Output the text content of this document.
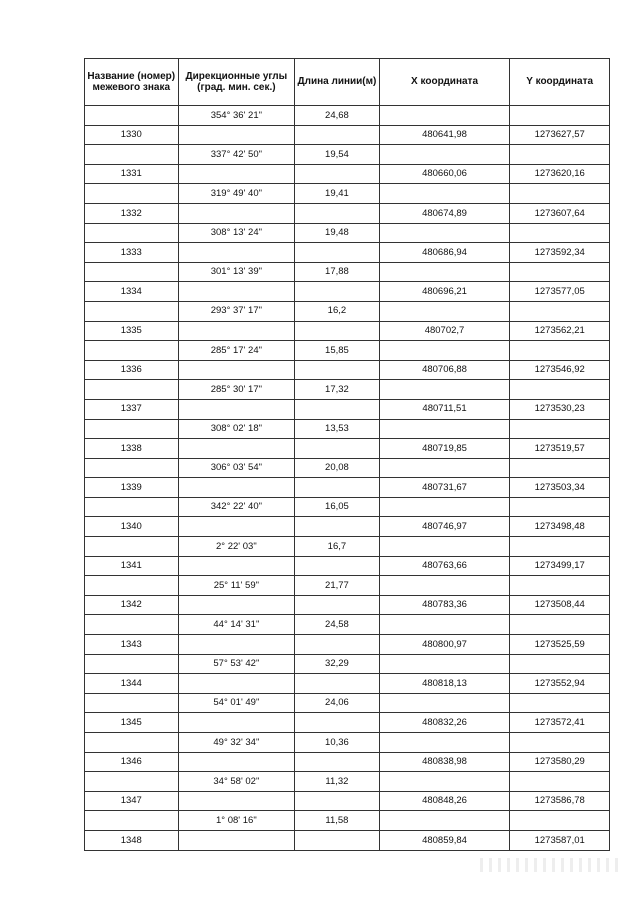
Название (номер) межевого знака	Дирекционные углы (град. мин. сек.)	Длина линии(м)	X координата	Y координата
	354° 36' 21"	24,68		
1330			480641,98	1273627,57
	337° 42' 50"	19,54		
1331			480660,06	1273620,16
	319° 49' 40"	19,41		
1332			480674,89	1273607,64
	308° 13' 24"	19,48		
1333			480686,94	1273592,34
	301° 13' 39"	17,88		
1334			480696,21	1273577,05
	293° 37' 17"	16,2		
1335			480702,7	1273562,21
	285° 17' 24"	15,85		
1336			480706,88	1273546,92
	285° 30' 17"	17,32		
1337			480711,51	1273530,23
	308° 02' 18"	13,53		
1338			480719,85	1273519,57
	306° 03' 54"	20,08		
1339			480731,67	1273503,34
	342° 22' 40"	16,05		
1340			480746,97	1273498,48
	2° 22' 03"	16,7		
1341			480763,66	1273499,17
	25° 11' 59"	21,77		
1342			480783,36	1273508,44
	44° 14' 31"	24,58		
1343			480800,97	1273525,59
	57° 53' 42"	32,29		
1344			480818,13	1273552,94
	54° 01' 49"	24,06		
1345			480832,26	1273572,41
	49° 32' 34"	10,36		
1346			480838,98	1273580,29
	34° 58' 02"	11,32		
1347			480848,26	1273586,78
	1° 08' 16"	11,58		
1348			480859,84	1273587,01
